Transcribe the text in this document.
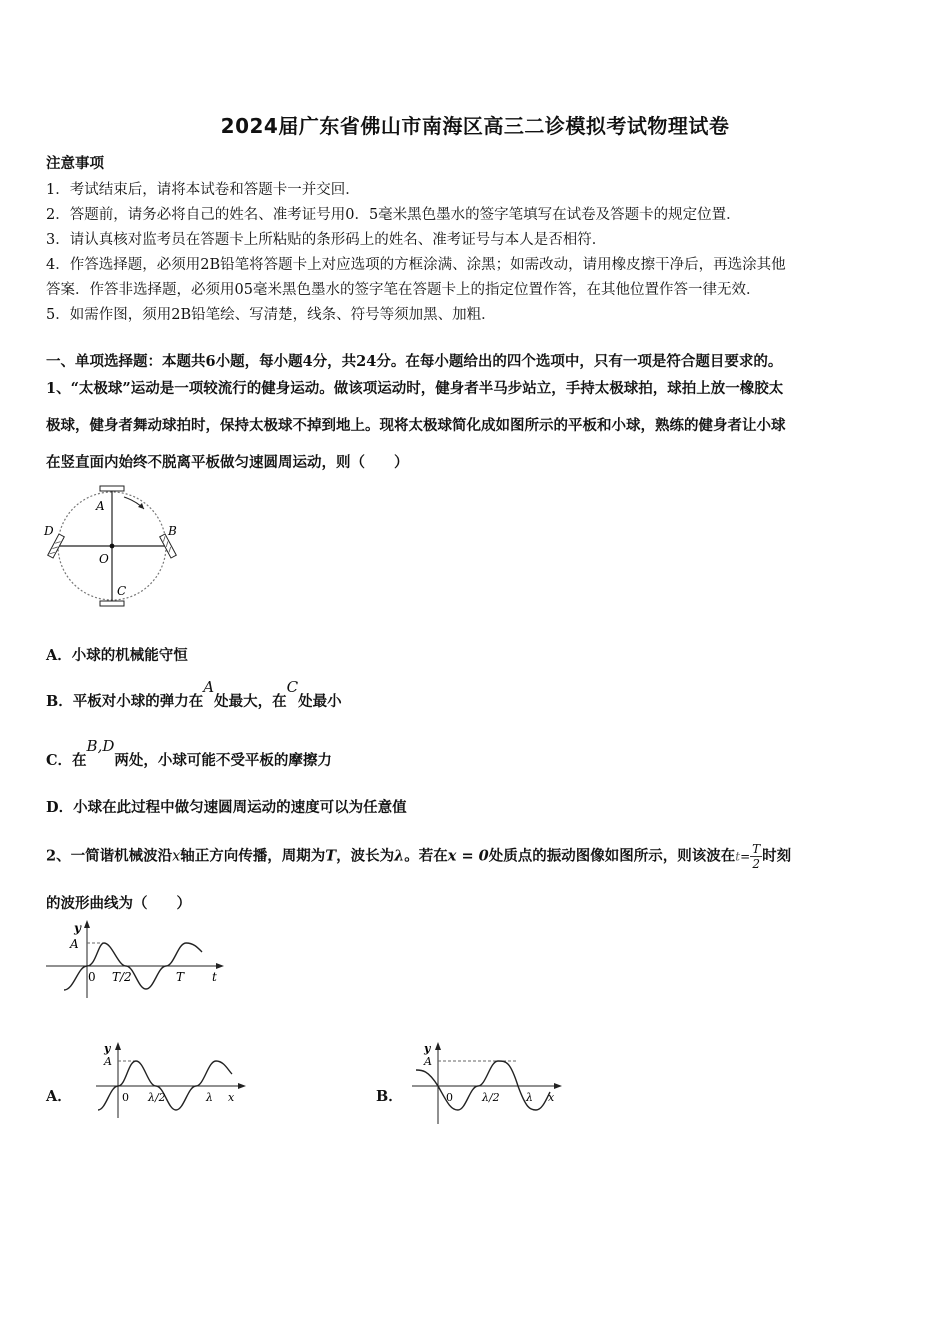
2024届广东省佛山市南海区高三二诊模拟考试物理试卷
注意事项
1．考试结束后，请将本试卷和答题卡一并交回．
2．答题前，请务必将自己的姓名、准考证号用0．5毫米黑色墨水的签字笔填写在试卷及答题卡的规定位置．
3．请认真核对监考员在答题卡上所粘贴的条形码上的姓名、准考证号与本人是否相符．
4．作答选择题，必须用2B铅笔将答题卡上对应选项的方框涂满、涂黑；如需改动，请用橡皮擦干净后，再选涂其他
答案．作答非选择题，必须用05毫米黑色墨水的签字笔在答题卡上的指定位置作答，在其他位置作答一律无效．
5．如需作图，须用2B铅笔绘、写清楚，线条、符号等须加黑、加粗．
一、单项选择题：本题共6小题，每小题4分，共24分。在每小题给出的四个选项中，只有一项是符合题目要求的。
1、“太极球”运动是一项较流行的健身运动。做该项运动时，健身者半马步站立，手持太极球拍，球拍上放一橡胶太
极球，健身者舞动球拍时，保持太极球不掉到地上。现将太极球简化成如图所示的平板和小球，熟练的健身者让小球
在竖直面内始终不脱离平板做匀速圆周运动，则（　　）
A
B
C
D
O
A．小球的机械能守恒
B．平板对小球的弹力在A处最大，在C处最小
C．在B,D两处，小球可能不受平板的摩擦力
D．小球在此过程中做匀速圆周运动的速度可以为任意值
2、一简谐机械波沿x轴正方向传播，周期为T，波长为λ。若在x = 0处质点的振动图像如图所示，则该波在$t= \frac{T}{2}$ 时刻
的波形曲线为（　　）
y
A
0 T/2	T t
A．
y
A
0 λ/2	λ x	B．
y
A
0	λ/2 λ x
